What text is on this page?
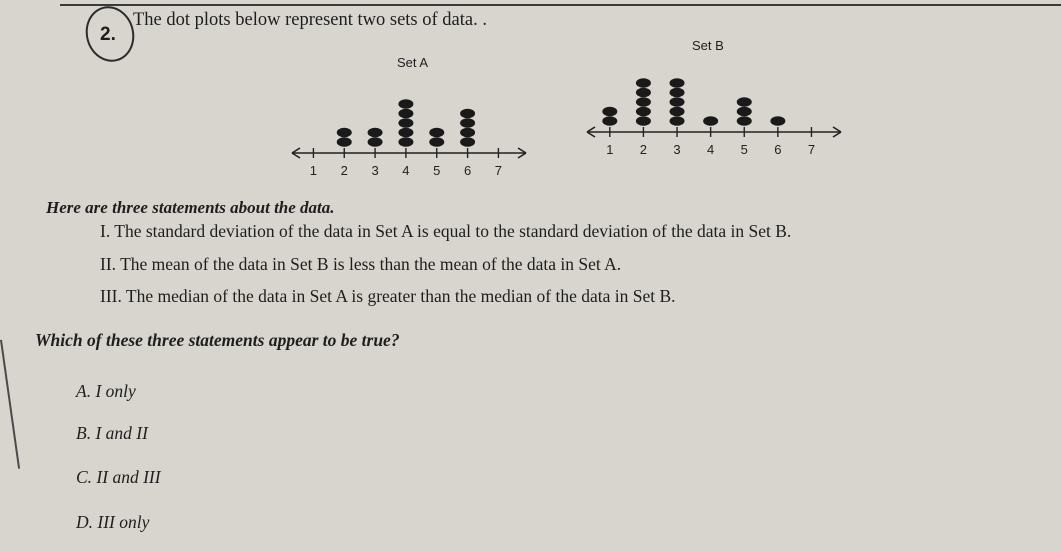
2.
The dot plots below represent two sets of data. .
Set A
1 2 3 4 5 6 7
Set B
1 2 3 4 5 6 7
Here are three statements about the data.
I. The standard deviation of the data in Set A is equal to the standard deviation of the data in Set B.
II. The mean of the data in Set B is less than the mean of the data in Set A.
III. The median of the data in Set A is greater than the median of the data in Set B.
Which of these three statements appear to be true?
A. I only
B. I and II
C. II and III
D. III only
